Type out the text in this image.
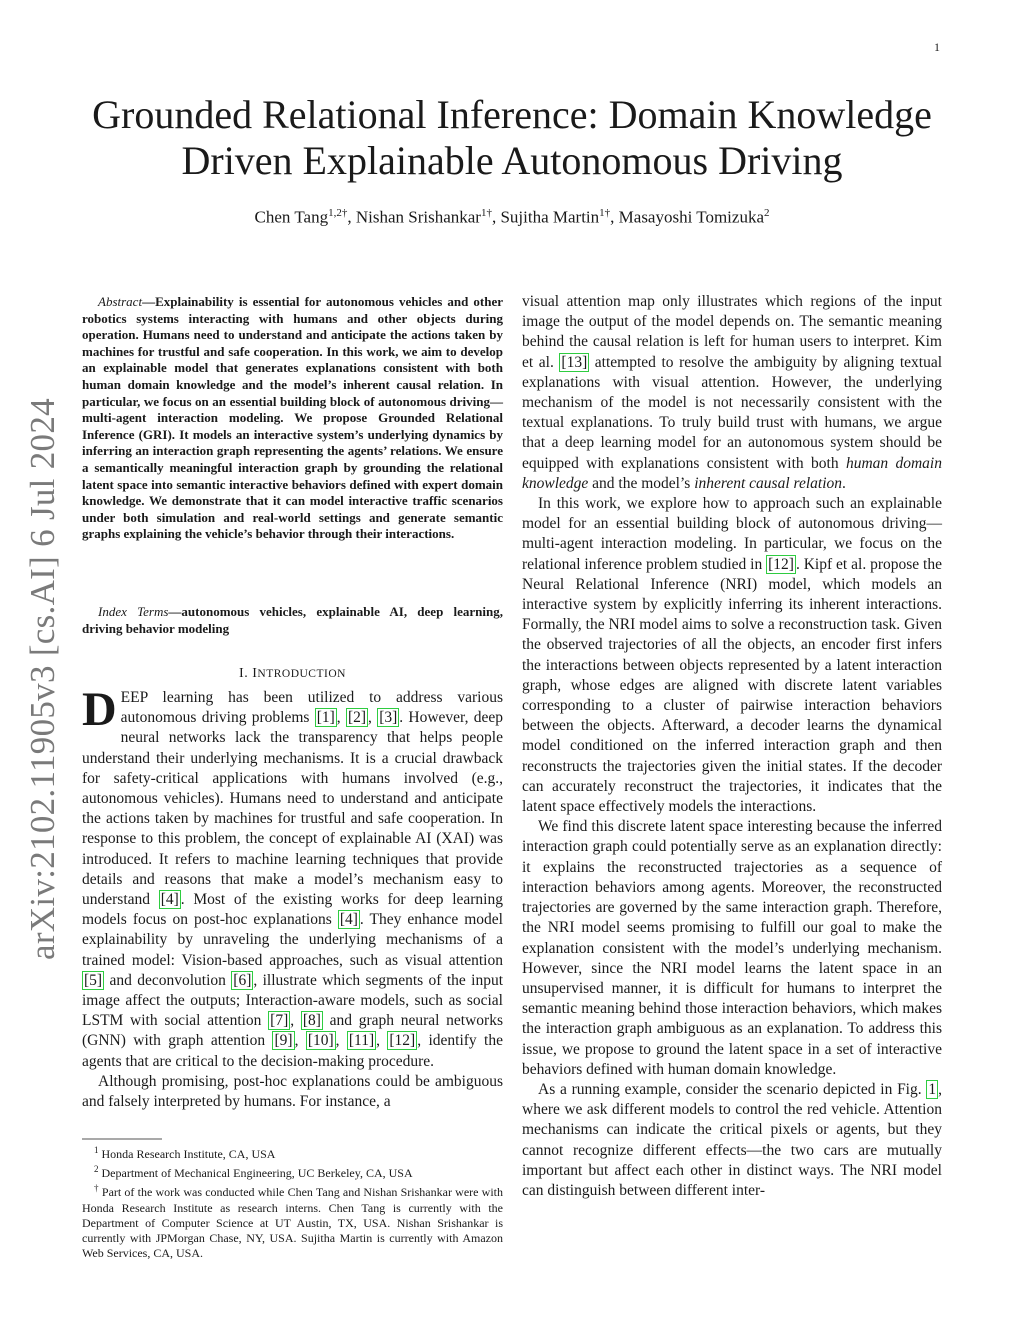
1
arXiv:2102.11905v3 [cs.AI] 6 Jul 2024
Grounded Relational Inference: Domain Knowledge
Driven Explainable Autonomous Driving
Chen Tang$^{1,2\dagger}$, Nishan Srishankar$^{1\dagger}$, Sujitha Martin$^{1\dagger}$, Masayoshi Tomizuka$^2$

Abstract—Explainability is essential for autonomous vehicles and other robotics systems interacting with humans and other objects during operation. Humans need to understand and anticipate the actions taken by machines for trustful and safe cooperation. In this work, we aim to develop an explainable model that generates explanations consistent with both human domain knowledge and the model’s inherent causal relation. In particular, we focus on an essential building block of autonomous driving—multi-agent interaction modeling. We propose Grounded Relational Inference (GRI). It models an interactive system’s underlying dynamics by inferring an interaction graph representing the agents’ relations. We ensure a semantically meaningful interaction graph by grounding the relational latent space into semantic interactive behaviors defined with expert domain knowledge. We demonstrate that it can model interactive traffic scenarios under both simulation and real-world settings and generate semantic graphs explaining the vehicle’s behavior through their interactions.

Index Terms—autonomous vehicles, explainable AI, deep learning, driving behavior modeling

I. INTRODUCTION

DEEP learning has been utilized to address various autonomous driving problems [1] , [2] , [3] . However, deep neural networks lack the transparency that helps people understand their underlying mechanisms. It is a crucial drawback for safety-critical applications with humans involved (e.g., autonomous vehicles). Humans need to understand and anticipate the actions taken by machines for trustful and safe cooperation. In response to this problem, the concept of explainable AI (XAI) was introduced. It refers to machine learning techniques that provide details and reasons that make a model’s mechanism easy to understand [4] . Most of the existing works for deep learning models focus on post-hoc explanations [4] . They enhance model explainability by unraveling the underlying mechanisms of a trained model: Vision-based approaches, such as visual attention [5] and deconvolution [6] , illustrate which segments of the input image affect the outputs; Interaction-aware models, such as social LSTM with social attention [7] , [8] and graph neural networks (GNN) with graph attention [9] , [10] , [11] , [12] , identify the agents that are critical to the decision-making procedure.

Although promising, post-hoc explanations could be ambiguous and falsely interpreted by humans. For instance, a

$^1$ Honda Research Institute, CA, USA

$^2$ Department of Mechanical Engineering, UC Berkeley, CA, USA

† Part of the work was conducted while Chen Tang and Nishan Srishankar were with Honda Research Institute as research interns. Chen Tang is currently with the Department of Computer Science at UT Austin, TX, USA. Nishan Srishankar is currently with JPMorgan Chase, NY, USA. Sujitha Martin is currently with Amazon Web Services, CA, USA.

visual attention map only illustrates which regions of the input image the output of the model depends on. The semantic meaning behind the causal relation is left for human users to interpret. Kim et al. [13] attempted to resolve the ambiguity by aligning textual explanations with visual attention. However, the underlying mechanism of the model is not necessarily consistent with the textual explanations. To truly build trust with humans, we argue that a deep learning model for an autonomous system should be equipped with explanations consistent with both human domain knowledge and the model’s inherent causal relation.

In this work, we explore how to approach such an explainable model for an essential building block of autonomous driving—multi-agent interaction modeling. In particular, we focus on the relational inference problem studied in [12] . Kipf et al. propose the Neural Relational Inference (NRI) model, which models an interactive system by explicitly inferring its inherent interactions. Formally, the NRI model aims to solve a reconstruction task. Given the observed trajectories of all the objects, an encoder first infers the interactions between objects represented by a latent interaction graph, whose edges are aligned with discrete latent variables corresponding to a cluster of pairwise interaction behaviors between the objects. Afterward, a decoder learns the dynamical model conditioned on the inferred interaction graph and then reconstructs the trajectories given the initial states. If the decoder can accurately reconstruct the trajectories, it indicates that the latent space effectively models the interactions.

We find this discrete latent space interesting because the inferred interaction graph could potentially serve as an explanation directly: it explains the reconstructed trajectories as a sequence of interaction behaviors among agents. Moreover, the reconstructed trajectories are governed by the same interaction graph. Therefore, the NRI model seems promising to fulfill our goal to make the explanation consistent with the model’s underlying mechanism. However, since the NRI model learns the latent space in an unsupervised manner, it is difficult for humans to interpret the semantic meaning behind those interaction behaviors, which makes the interaction graph ambiguous as an explanation. To address this issue, we propose to ground the latent space in a set of interactive behaviors defined with human domain knowledge.

As a running example, consider the scenario depicted in Fig. 1 , where we ask different models to control the red vehicle. Attention mechanisms can indicate the critical pixels or agents, but they cannot recognize different effects—the two cars are mutually important but affect each other in distinct ways. The NRI model can distinguish between different inter-
